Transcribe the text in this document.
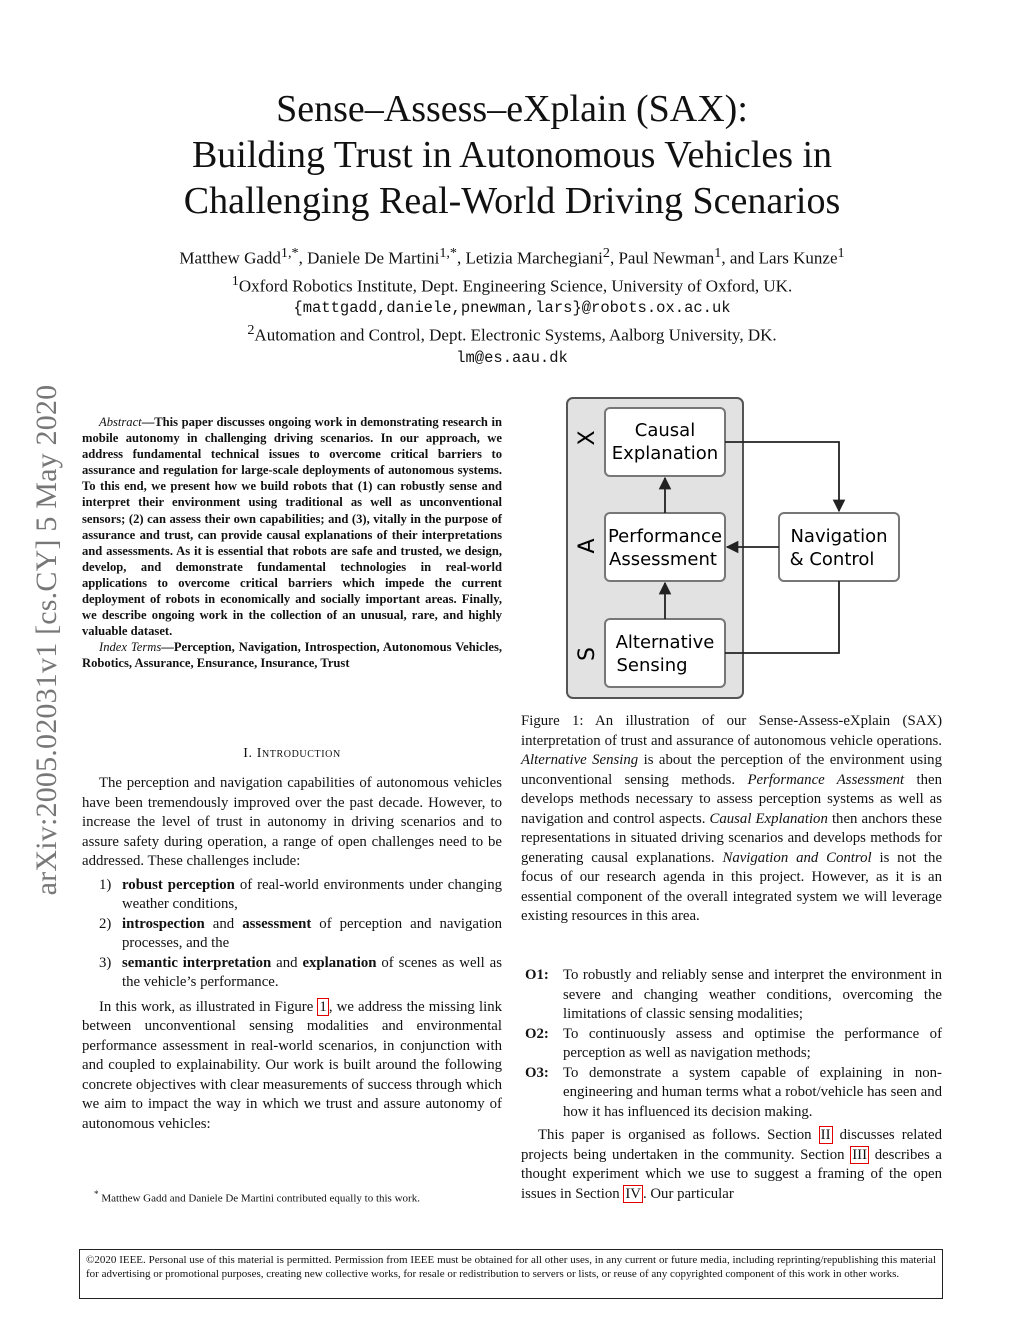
arXiv:2005.02031v1 [cs.CY] 5 May 2020
Sense–Assess–eXplain (SAX):
Building Trust in Autonomous Vehicles in
Challenging Real-World Driving Scenarios
Matthew Gadd$^{1,*}$, Daniele De Martini$^{1,*}$, Letizia Marchegiani$^2$, Paul Newman$^1$, and Lars Kunze$^1$
$^1$Oxford Robotics Institute, Dept. Engineering Science, University of Oxford, UK.
{mattgadd,daniele,pnewman,lars}@robots.ox.ac.uk
$^2$Automation and Control, Dept. Electronic Systems, Aalborg University, DK.
lm@es.aau.dk

Abstract—This paper discusses ongoing work in demonstrating research in mobile autonomy in challenging driving scenarios. In our approach, we address fundamental technical issues to overcome critical barriers to assurance and regulation for large-scale deployments of autonomous systems. To this end, we present how we build robots that (1) can robustly sense and interpret their environment using traditional as well as unconventional sensors; (2) can assess their own capabilities; and (3), vitally in the purpose of assurance and trust, can provide causal explanations of their interpretations and assessments. As it is essential that robots are safe and trusted, we design, develop, and demonstrate fundamental technologies in real-world applications to overcome critical barriers which impede the current deployment of robots in economically and socially important areas. Finally, we describe ongoing work in the collection of an unusual, rare, and highly valuable dataset.

Index Terms—Perception, Navigation, Introspection, Autonomous Vehicles, Robotics, Assurance, Ensurance, Insurance, Trust

I. Introduction

The perception and navigation capabilities of autonomous vehicles have been tremendously improved over the past decade. However, to increase the level of trust in autonomy in driving scenarios and to assure safety during operation, a range of open challenges need to be addressed. These challenges include:

1) robust perception of real-world environments under changing weather conditions,
2) introspection and assessment of perception and navigation processes, and the
3) semantic interpretation and explanation of scenes as well as the vehicle’s performance.

In this work, as illustrated in Figure 1 , we address the missing link between unconventional sensing modalities and environmental performance assessment in real-world scenarios, in conjunction with and coupled to explainability. Our work is built around the following concrete objectives with clear measurements of success through which we aim to impact the way in which we trust and assure autonomy of autonomous vehicles:

* Matthew Gadd and Daniele De Martini contributed equally to this work.
X
A
S
Causal
Explanation
Performance
Assessment
Alternative
Sensing
Navigation
& Control
Figure 1: An illustration of our Sense-Assess-eXplain (SAX) interpretation of trust and assurance of autonomous vehicle operations. Alternative Sensing is about the perception of the environment using unconventional sensing methods. Performance Assessment then develops methods necessary to assess perception systems as well as navigation and control aspects. Causal Explanation then anchors these representations in situated driving scenarios and develops methods for generating causal explanations. Navigation and Control is not the focus of our research agenda in this project. However, as it is an essential component of the overall integrated system we will leverage existing resources in this area.
O1: To robustly and reliably sense and interpret the environment in severe and changing weather conditions, overcoming the limitations of classic sensing modalities;
O2: To continuously assess and optimise the performance of perception as well as navigation methods;
O3: To demonstrate a system capable of explaining in non-engineering and human terms what a robot/vehicle has seen and how it has influenced its decision making.

This paper is organised as follows. Section II discusses related projects being undertaken in the community. Section III describes a thought experiment which we use to suggest a framing of the open issues in Section IV . Our particular

©2020 IEEE. Personal use of this material is permitted. Permission from IEEE must be obtained for all other uses, in any current or future media, including reprinting/republishing this material for advertising or promotional purposes, creating new collective works, for resale or redistribution to servers or lists, or reuse of any copyrighted component of this work in other works.
